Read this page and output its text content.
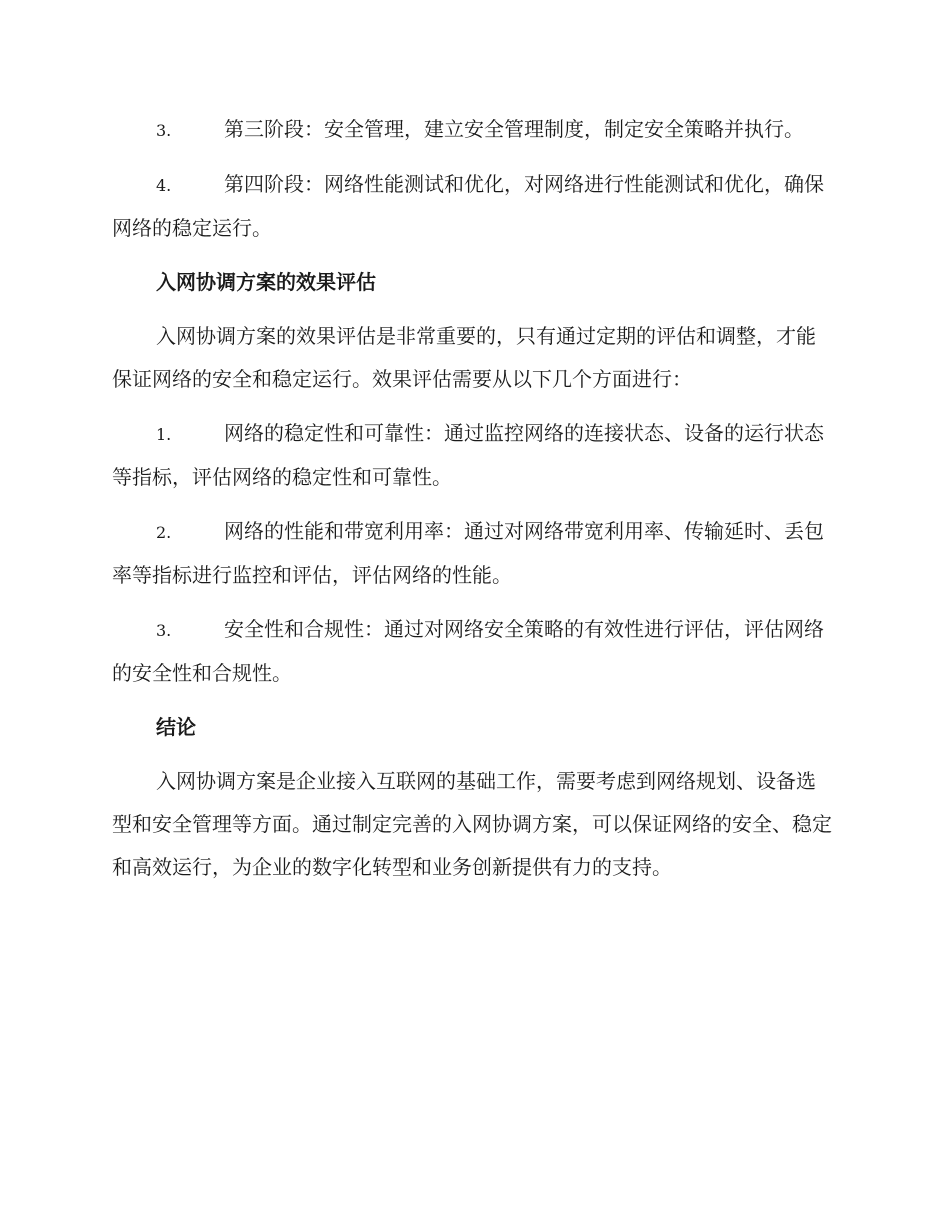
3.	第三阶段：安全管理，建立安全管理制度，制定安全策略并执行。

4.	第四阶段：网络性能测试和优化，对网络进行性能测试和优化，确保网络的稳定运行。

入网协调方案的效果评估

入网协调方案的效果评估是非常重要的，只有通过定期的评估和调整，才能保证网络的安全和稳定运行。效果评估需要从以下几个方面进行：

1.	网络的稳定性和可靠性：通过监控网络的连接状态、设备的运行状态等指标，评估网络的稳定性和可靠性。

2.	网络的性能和带宽利用率：通过对网络带宽利用率、传输延时、丢包率等指标进行监控和评估，评估网络的性能。

3.	安全性和合规性：通过对网络安全策略的有效性进行评估，评估网络的安全性和合规性。

结论

入网协调方案是企业接入互联网的基础工作，需要考虑到网络规划、设备选型和安全管理等方面。通过制定完善的入网协调方案，可以保证网络的安全、稳定和高效运行，为企业的数字化转型和业务创新提供有力的支持。
